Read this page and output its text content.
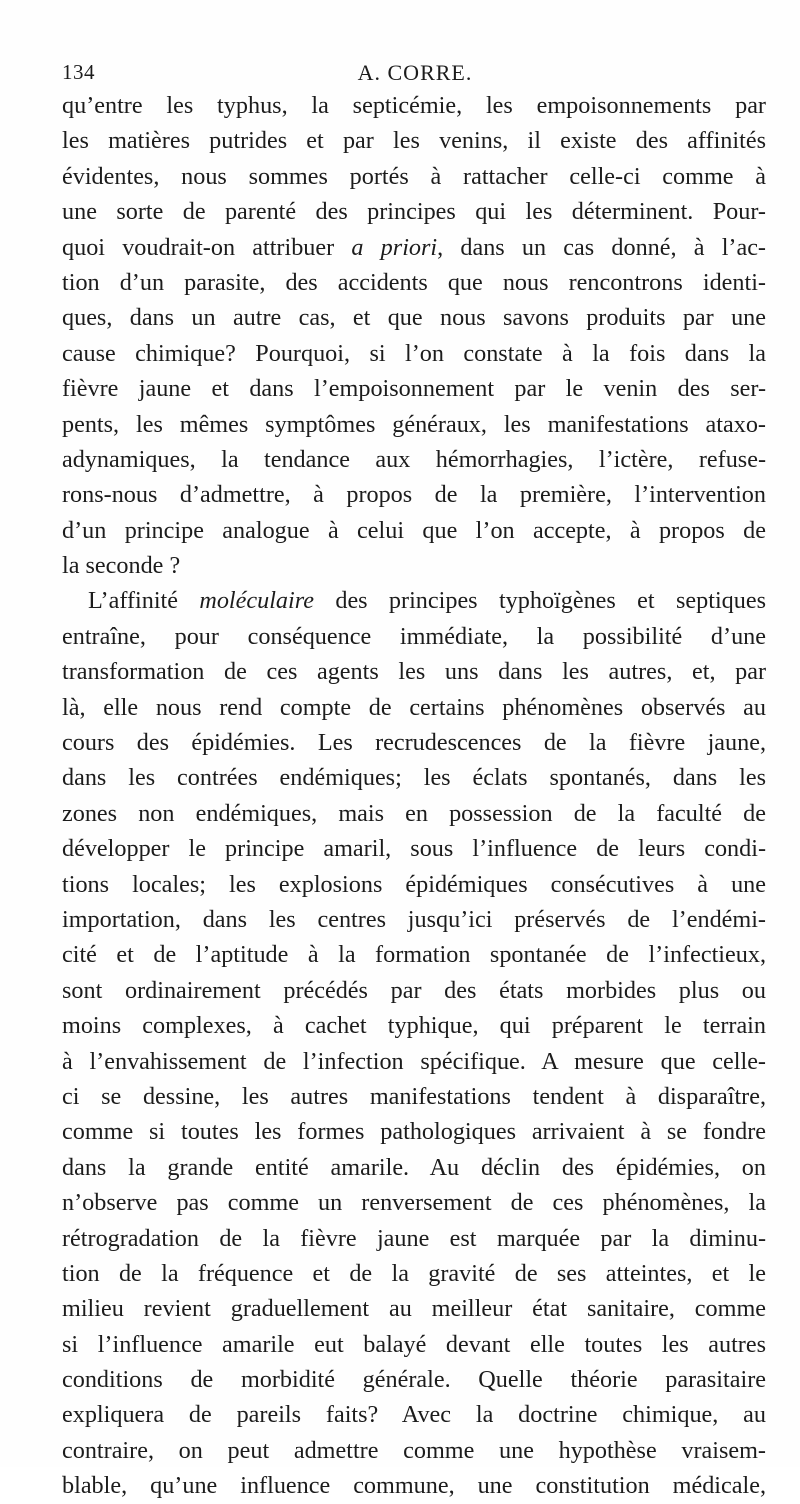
134	A. CORRE.
qu’entre les typhus, la septicémie, les empoisonnements par
les matières putrides et par les venins, il existe des affinités
évidentes, nous sommes portés à rattacher celle-ci comme à
une sorte de parenté des principes qui les déterminent. Pour-
quoi voudrait-on attribuer a priori, dans un cas donné, à l’ac-
tion d’un parasite, des accidents que nous rencontrons identi-
ques, dans un autre cas, et que nous savons produits par une
cause chimique? Pourquoi, si l’on constate à la fois dans la
fièvre jaune et dans l’empoisonnement par le venin des ser-
pents, les mêmes symptômes généraux, les manifestations ataxo-
adynamiques, la tendance aux hémorrhagies, l’ictère, refuse-
rons-nous d’admettre, à propos de la première, l’intervention
d’un principe analogue à celui que l’on accepte, à propos de
la seconde ?
L’affinité moléculaire des principes typhoïgènes et septiques
entraîne, pour conséquence immédiate, la possibilité d’une
transformation de ces agents les uns dans les autres, et, par
là, elle nous rend compte de certains phénomènes observés au
cours des épidémies. Les recrudescences de la fièvre jaune,
dans les contrées endémiques; les éclats spontanés, dans les
zones non endémiques, mais en possession de la faculté de
développer le principe amaril, sous l’influence de leurs condi-
tions locales; les explosions épidémiques consécutives à une
importation, dans les centres jusqu’ici préservés de l’endémi-
cité et de l’aptitude à la formation spontanée de l’infectieux,
sont ordinairement précédés par des états morbides plus ou
moins complexes, à cachet typhique, qui préparent le terrain
à l’envahissement de l’infection spécifique. A mesure que celle-
ci se dessine, les autres manifestations tendent à disparaître,
comme si toutes les formes pathologiques arrivaient à se fondre
dans la grande entité amarile. Au déclin des épidémies, on
n’observe pas comme un renversement de ces phénomènes, la
rétrogradation de la fièvre jaune est marquée par la diminu-
tion de la fréquence et de la gravité de ses atteintes, et le
milieu revient graduellement au meilleur état sanitaire, comme
si l’influence amarile eut balayé devant elle toutes les autres
conditions de morbidité générale. Quelle théorie parasitaire
expliquera de pareils faits? Avec la doctrine chimique, au
contraire, on peut admettre comme une hypothèse vraisem-
blable, qu’une influence commune, une constitution médicale,
